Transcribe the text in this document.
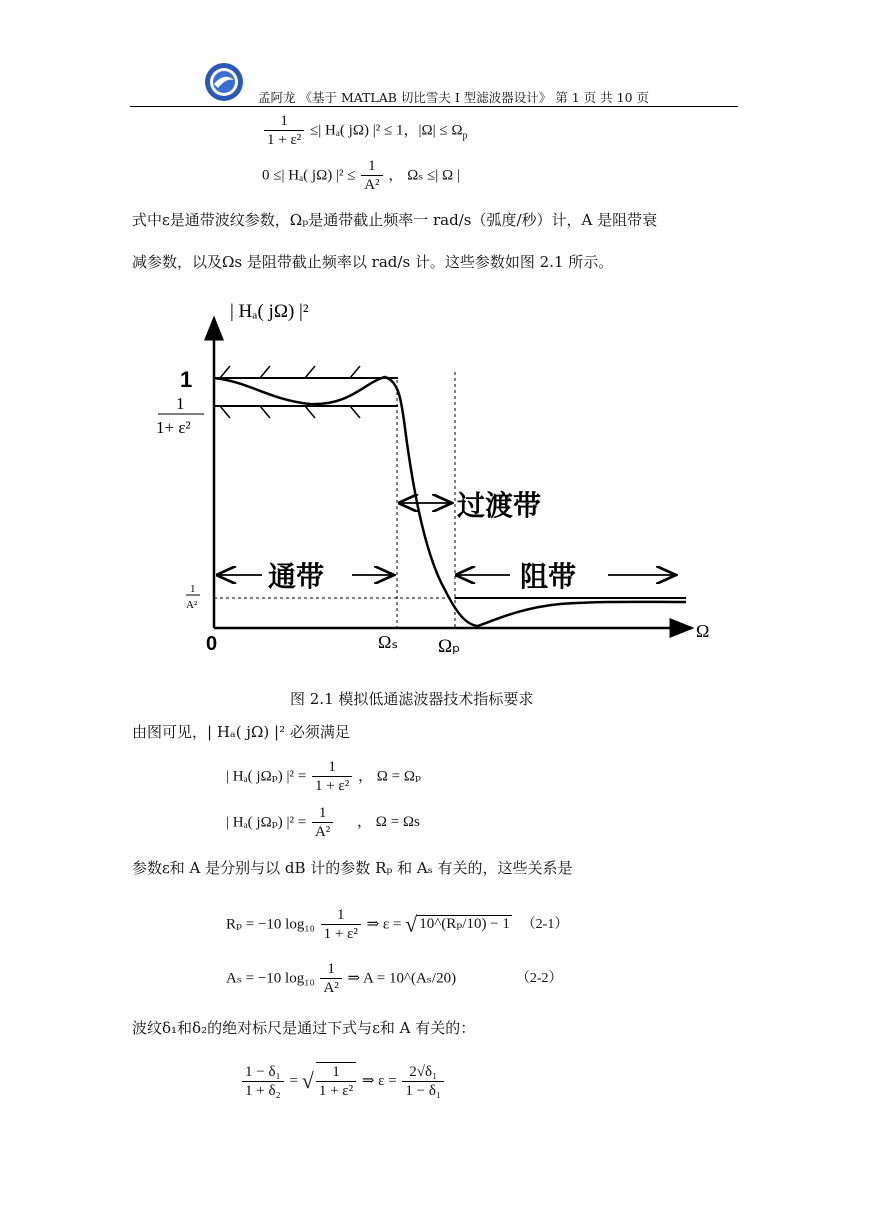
孟阿龙 《基于 MATLAB 切比雪夫 I 型滤波器设计》 第 1 页 共 10 页
$\frac{1}{\text{1 + ε²}}$ ≤| Hₐ( jΩ) |² ≤ 1，$|\Omega| \le \Omega_p$
0 ≤| Hₐ( jΩ) $|^2 \le \frac{1}{\text{A²}}$ ， Ωₛ ≤| Ω |
式中ε是通带波纹参数，Ωₚ是通带截止频率一 rad/s（弧度/秒）计，A 是阻带衰
减参数，以及Ωs 是阻带截止频率以 rad/s 计。这些参数如图 2.1 所示。
过渡带
通带	阻带
| Hₐ( jΩ) |²
1
1
1+ ε²
1
A²
0
Ω
Ωₛ Ωₚ
图 2.1 模拟低通滤波器技术指标要求
由图可见，| Hₐ( jΩ) |² 必须满足
| Hₐ( jΩₚ) $|^2 = \frac{1}{\text{1 + ε²}}$ ， Ω = Ωₚ
| Hₐ( jΩₚ) $|^2 = \frac{1}{\text{A²}}$ ， Ω = Ωs
参数ε和 A 是分别与以 dB 计的参数 Rₚ 和 Aₛ 有关的，这些关系是
Rₚ = −10 $\log_{10} \frac{1}{\text{1 + ε²}}$ ⇒ ε = √ 10^(Rₚ/10) − 1 （2-1）
Aₛ = −10 $\log_{10} \frac{1}{\text{A²}}$ ⇒ A = 10^(Aₛ/20)	（2-2）
波纹δ₁和δ₂的绝对标尺是通过下式与ε和 A 有关的：
$\frac{\text{1 − δ₁}}{\text{1 + δ₂}}$ = √ $\frac{1}{\text{1 + ε²}}$ ⇒ $\varepsilon = \frac{\text{2√δ₁}}{\text{1 − δ₁}}$
